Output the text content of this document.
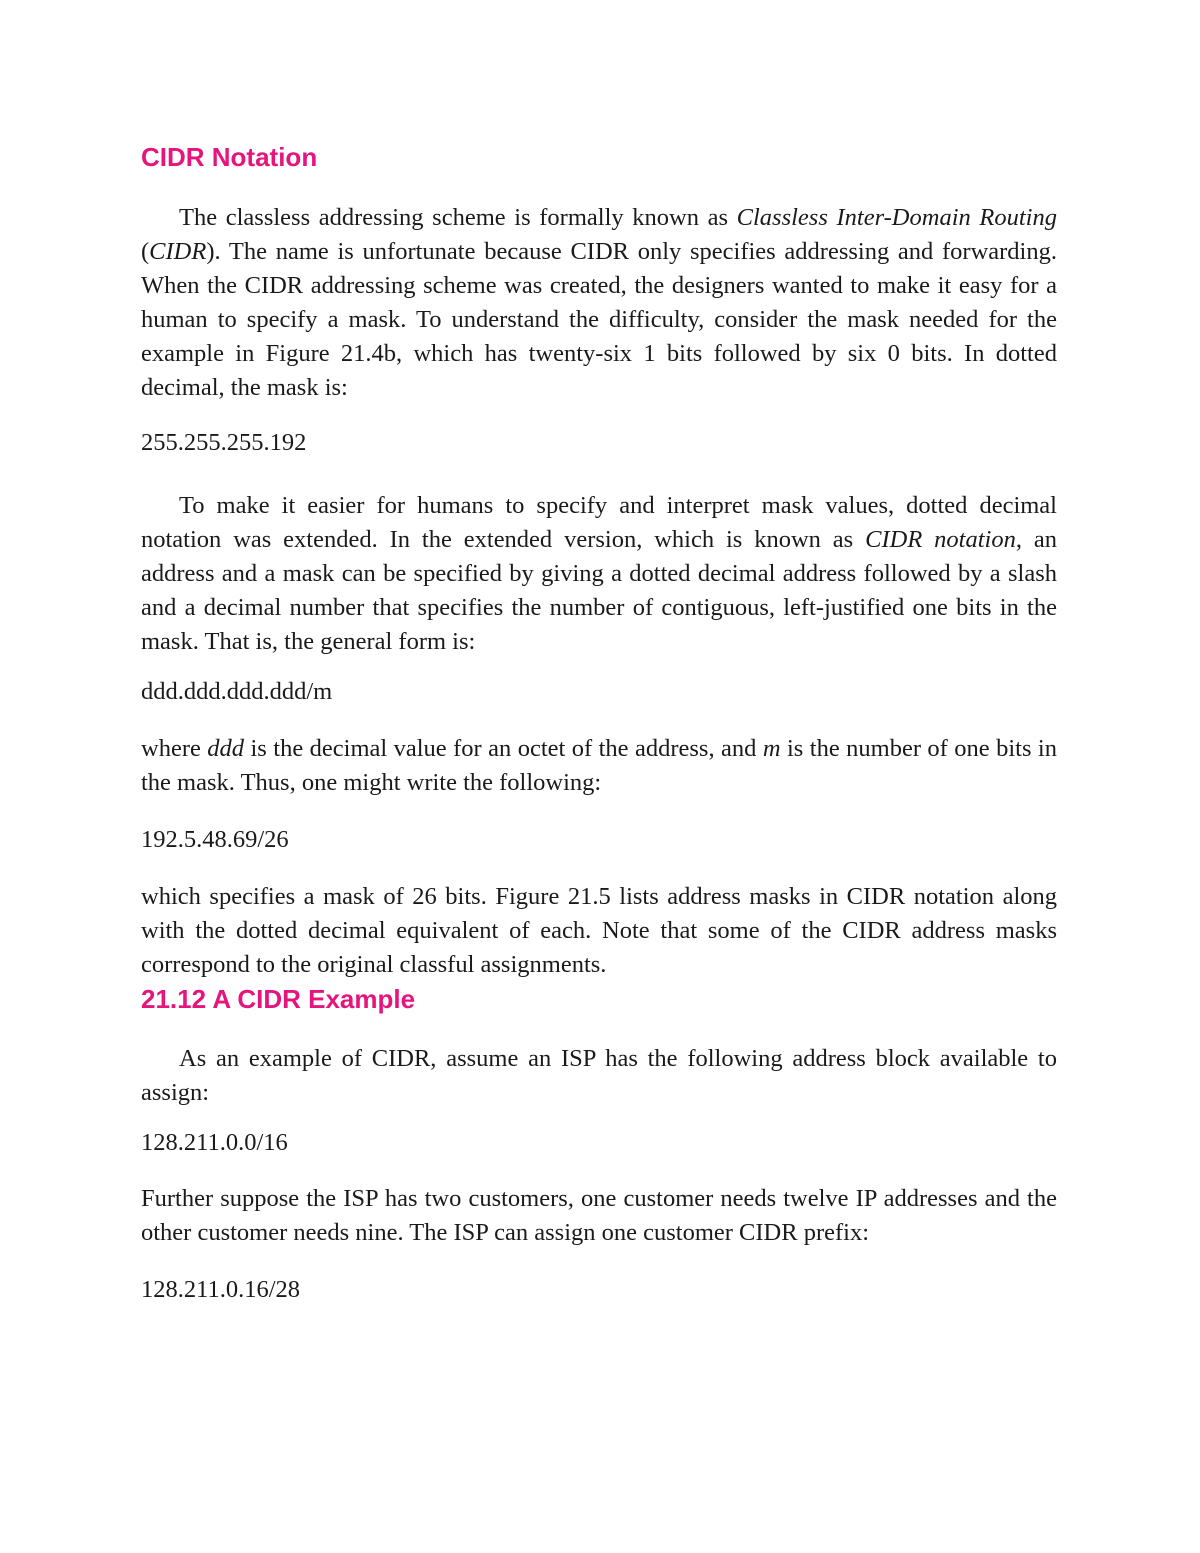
CIDR Notation

The classless addressing scheme is formally known as Classless Inter-Domain Routing (CIDR). The name is unfortunate because CIDR only specifies addressing and forwarding. When the CIDR addressing scheme was created, the designers wanted to make it easy for a human to specify a mask. To understand the difficulty, consider the mask needed for the example in Figure 21.4b, which has twenty-six 1 bits followed by six 0 bits. In dotted decimal, the mask is:

255.255.255.192

To make it easier for humans to specify and interpret mask values, dotted decimal notation was extended. In the extended version, which is known as CIDR notation, an address and a mask can be specified by giving a dotted decimal address followed by a slash and a decimal number that specifies the number of contiguous, left-justified one bits in the mask. That is, the general form is:

ddd.ddd.ddd.ddd/m

where ddd is the decimal value for an octet of the address, and m is the number of one bits in the mask. Thus, one might write the following:

192.5.48.69/26

which specifies a mask of 26 bits. Figure 21.5 lists address masks in CIDR notation along with the dotted decimal equivalent of each. Note that some of the CIDR address masks correspond to the original classful assignments.

21.12 A CIDR Example

As an example of CIDR, assume an ISP has the following address block available to assign:

128.211.0.0/16

Further suppose the ISP has two customers, one customer needs twelve IP addresses and the other customer needs nine. The ISP can assign one customer CIDR prefix:

128.211.0.16/28
